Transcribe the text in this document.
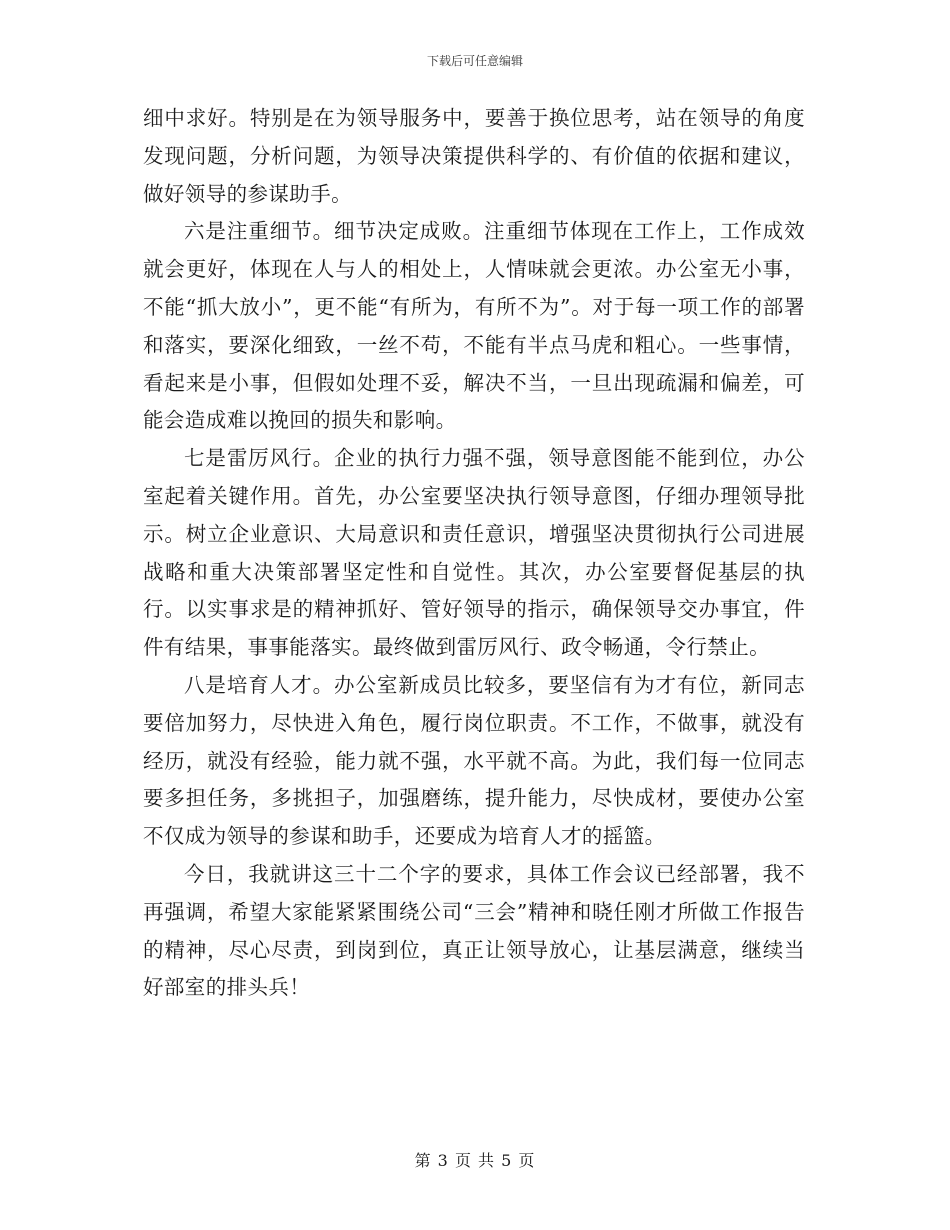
下载后可任意编辑

细中求好。特别是在为领导服务中，要善于换位思考，站在领导的角度发现问题，分析问题，为领导决策提供科学的、有价值的依据和建议，做好领导的参谋助手。

六是注重细节。细节决定成败。注重细节体现在工作上，工作成效就会更好，体现在人与人的相处上，人情味就会更浓。办公室无小事，不能“抓大放小”，更不能“有所为，有所不为”。对于每一项工作的部署和落实，要深化细致，一丝不苟，不能有半点马虎和粗心。一些事情，看起来是小事，但假如处理不妥，解决不当，一旦出现疏漏和偏差，可能会造成难以挽回的损失和影响。

七是雷厉风行。企业的执行力强不强，领导意图能不能到位，办公室起着关键作用。首先，办公室要坚决执行领导意图，仔细办理领导批示。树立企业意识、大局意识和责任意识，增强坚决贯彻执行公司进展战略和重大决策部署坚定性和自觉性。其次，办公室要督促基层的执行。以实事求是的精神抓好、管好领导的指示，确保领导交办事宜，件件有结果，事事能落实。最终做到雷厉风行、政令畅通，令行禁止。

八是培育人才。办公室新成员比较多，要坚信有为才有位，新同志要倍加努力，尽快进入角色，履行岗位职责。不工作，不做事，就没有经历，就没有经验，能力就不强，水平就不高。为此，我们每一位同志要多担任务，多挑担子，加强磨练，提升能力，尽快成材，要使办公室不仅成为领导的参谋和助手，还要成为培育人才的摇篮。

今日，我就讲这三十二个字的要求，具体工作会议已经部署，我不再强调，希望大家能紧紧围绕公司“三会”精神和晓任刚才所做工作报告的精神，尽心尽责，到岗到位，真正让领导放心，让基层满意，继续当好部室的排头兵！

第 3 页 共 5 页
